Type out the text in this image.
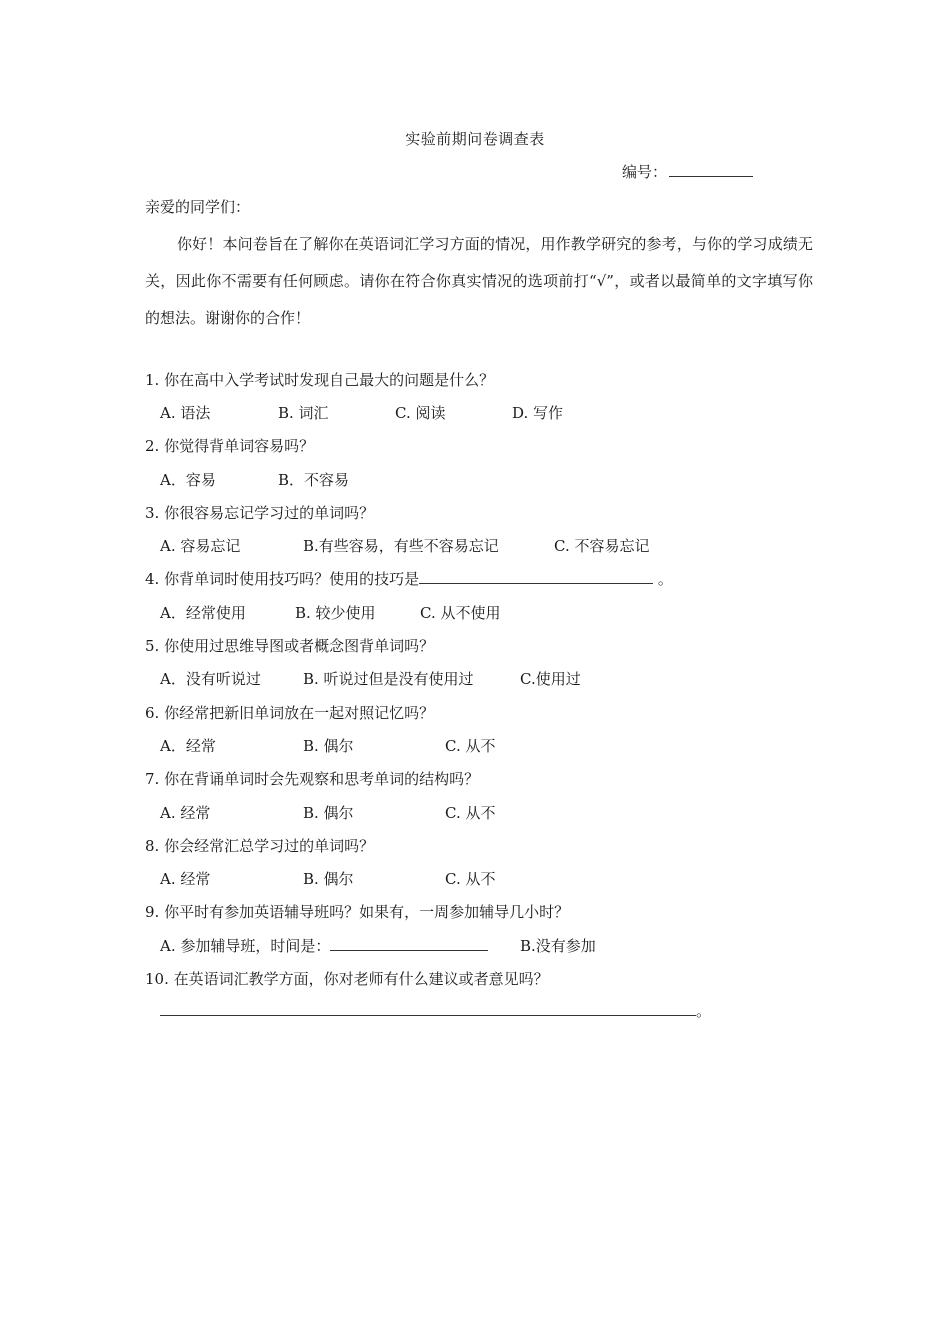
实验前期问卷调查表
编号：
亲爱的同学们：
你好！本问卷旨在了解你在英语词汇学习方面的情况，用作教学研究的参考，与你的学习成绩无关，因此你不需要有任何顾虑。请你在符合你真实情况的选项前打“√”，或者以最简单的文字填写你的想法。谢谢你的合作！
1. 你在高中入学考试时发现自己最大的问题是什么？
A. 语法	B. 词汇	C. 阅读	D. 写作
2. 你觉得背单词容易吗？
A．容易	B．不容易
3. 你很容易忘记学习过的单词吗？
A. 容易忘记	B.有些容易，有些不容易忘记	C. 不容易忘记
4. 你背单词时使用技巧吗？使用的技巧是	。
A．经常使用	B. 较少使用	C. 从不使用
5. 你使用过思维导图或者概念图背单词吗？
A．没有听说过	B. 听说过但是没有使用过	C.使用过
6. 你经常把新旧单词放在一起对照记忆吗？
A．经常	B. 偶尔	C. 从不
7. 你在背诵单词时会先观察和思考单词的结构吗？
A. 经常	B. 偶尔	C. 从不
8. 你会经常汇总学习过的单词吗？
A. 经常	B. 偶尔	C. 从不
9. 你平时有参加英语辅导班吗？如果有，一周参加辅导几小时？
A. 参加辅导班，时间是：	B.没有参加
10. 在英语词汇教学方面，你对老师有什么建议或者意见吗？
。
